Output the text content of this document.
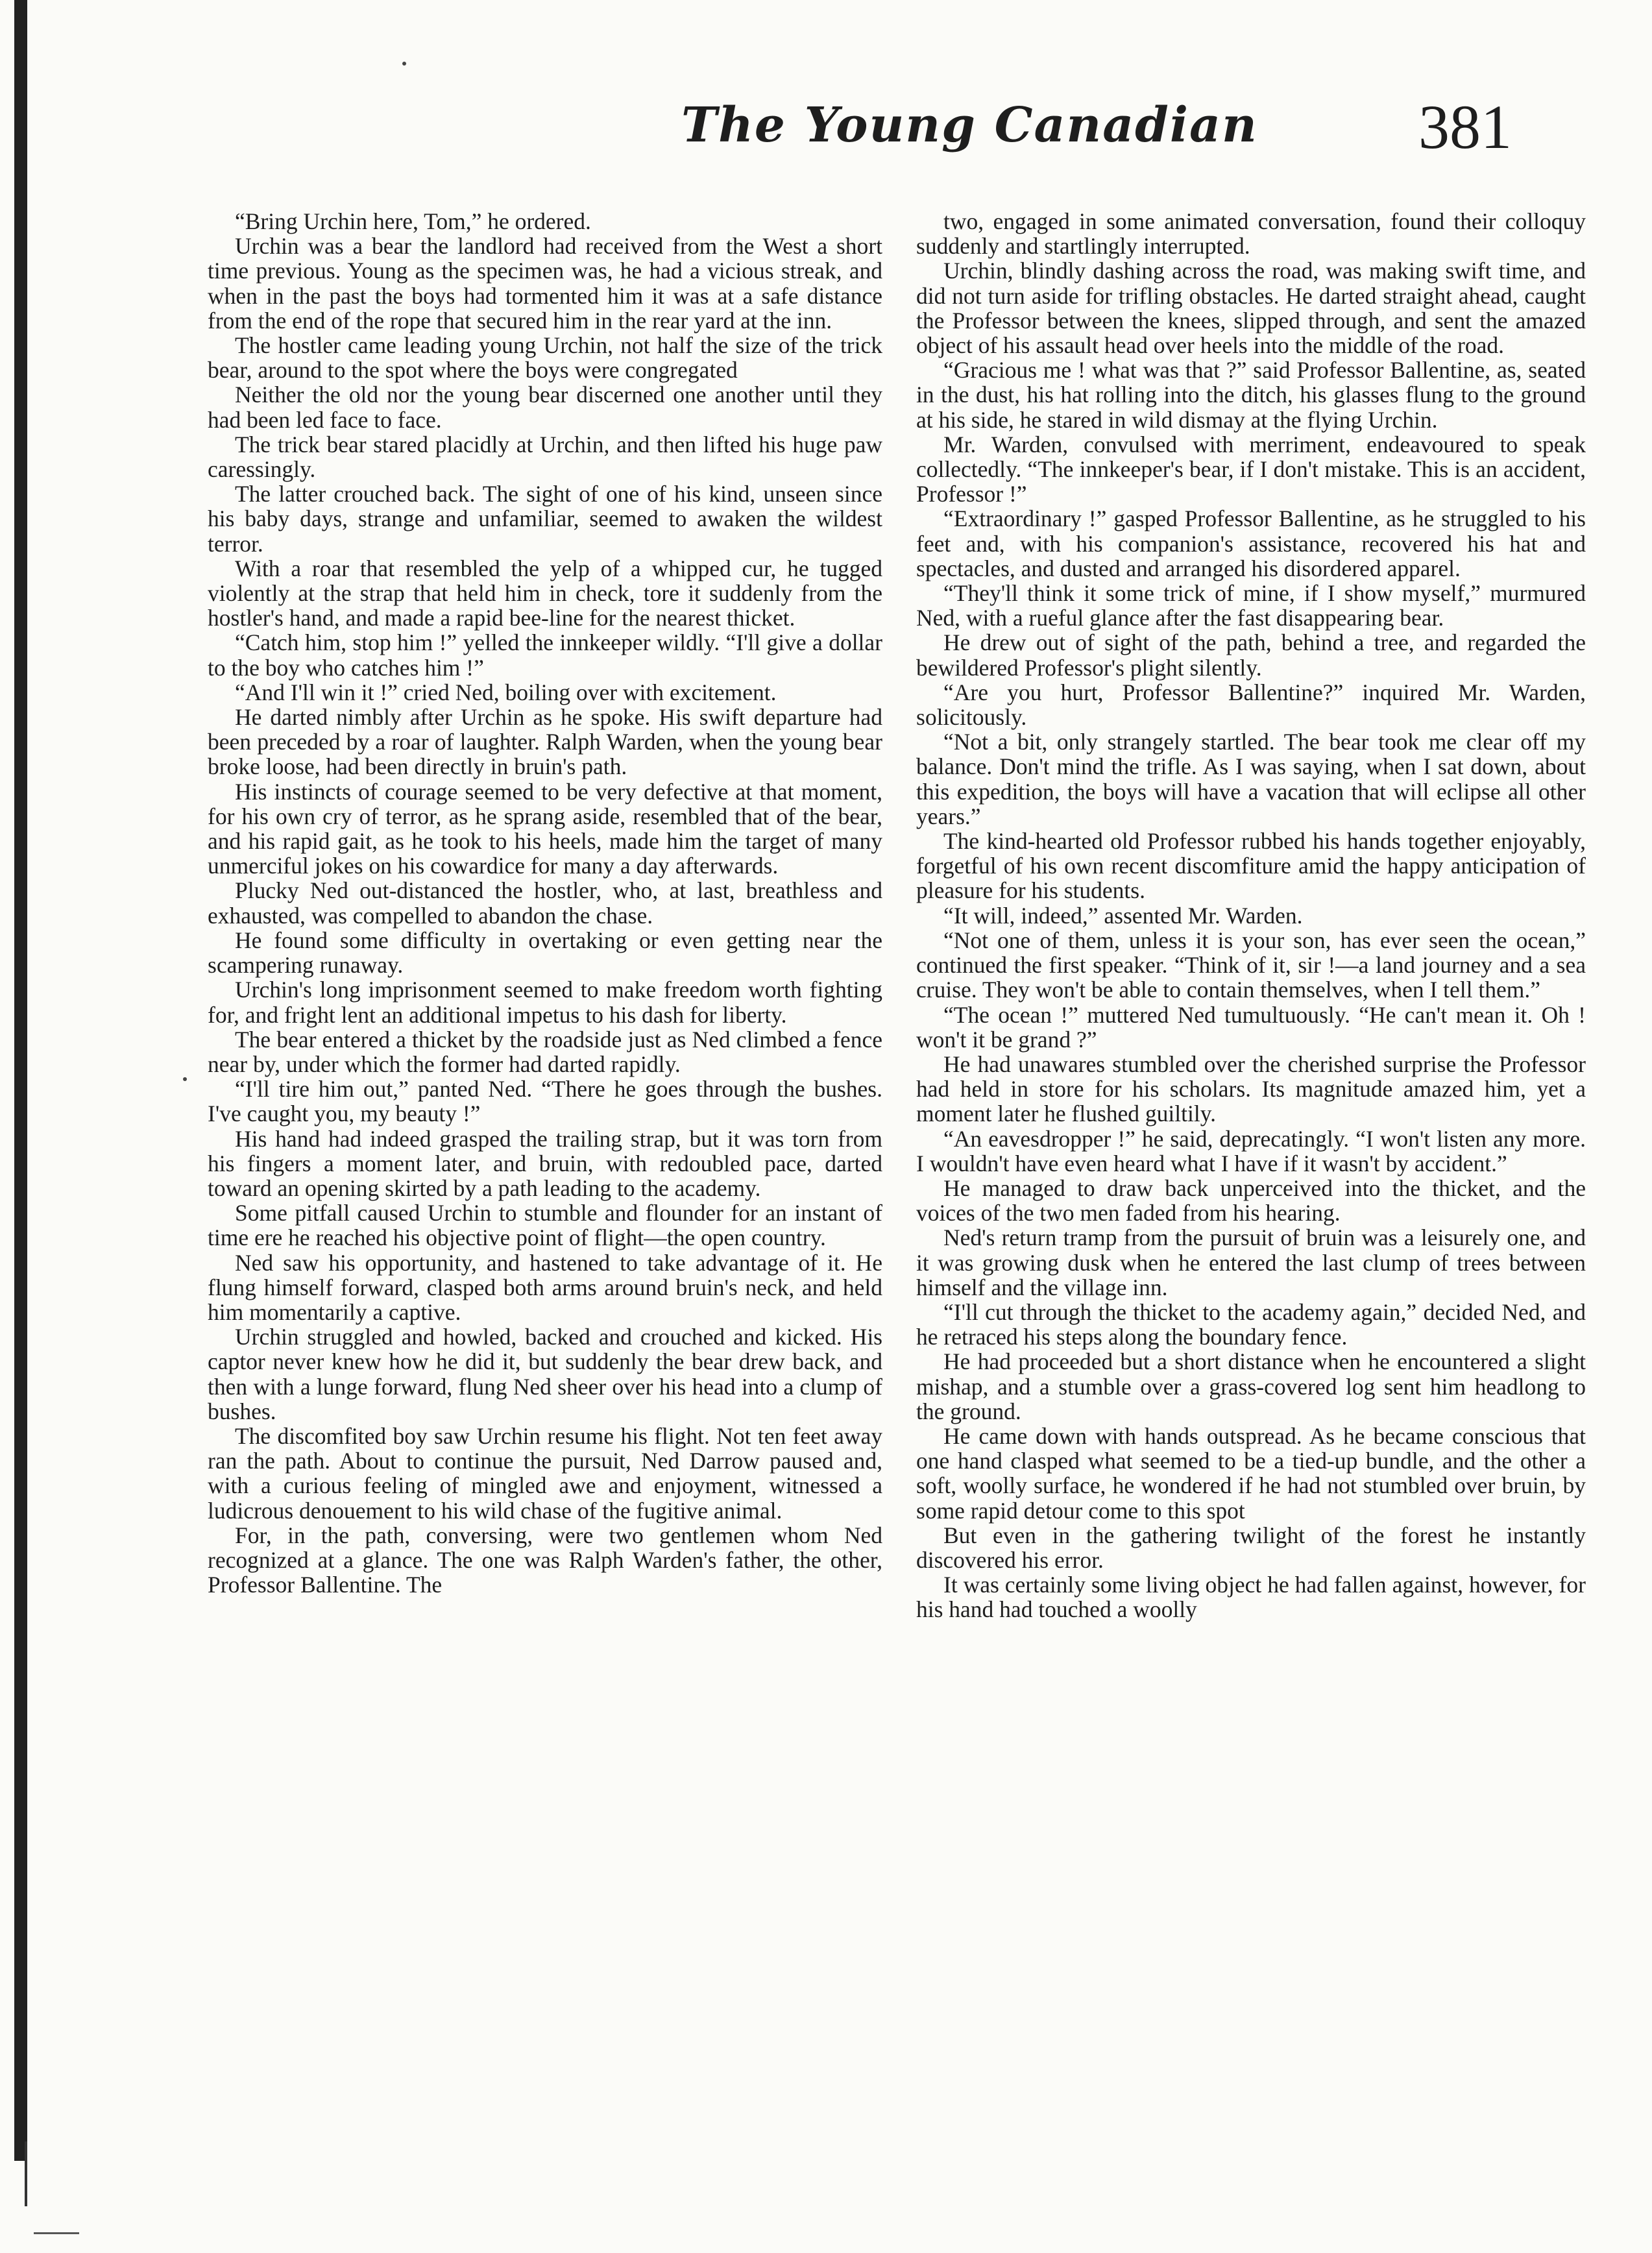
The Young Canadian	381

“Bring Urchin here, Tom,” he ordered.

Urchin was a bear the landlord had received from the West a short time previous. Young as the specimen was, he had a vicious streak, and when in the past the boys had tormented him it was at a safe distance from the end of the rope that secured him in the rear yard at the inn.

The hostler came leading young Urchin, not half the size of the trick bear, around to the spot where the boys were congregated

Neither the old nor the young bear discerned one another until they had been led face to face.

The trick bear stared placidly at Urchin, and then lifted his huge paw caressingly.

The latter crouched back. The sight of one of his kind, unseen since his baby days, strange and unfamiliar, seemed to awaken the wildest terror.

With a roar that resembled the yelp of a whipped cur, he tugged violently at the strap that held him in check, tore it suddenly from the hostler's hand, and made a rapid bee-line for the nearest thicket.

“Catch him, stop him !” yelled the innkeeper wildly. “I'll give a dollar to the boy who catches him !”

“And I'll win it !” cried Ned, boiling over with excitement.

He darted nimbly after Urchin as he spoke. His swift departure had been preceded by a roar of laughter. Ralph Warden, when the young bear broke loose, had been directly in bruin's path.

His instincts of courage seemed to be very defective at that moment, for his own cry of terror, as he sprang aside, resembled that of the bear, and his rapid gait, as he took to his heels, made him the target of many unmerciful jokes on his cowardice for many a day afterwards.

Plucky Ned out-distanced the hostler, who, at last, breathless and exhausted, was compelled to abandon the chase.

He found some difficulty in overtaking or even getting near the scampering runaway.

Urchin's long imprisonment seemed to make freedom worth fighting for, and fright lent an additional impetus to his dash for liberty.

The bear entered a thicket by the roadside just as Ned climbed a fence near by, under which the former had darted rapidly.

“I'll tire him out,” panted Ned. “There he goes through the bushes. I've caught you, my beauty !”

His hand had indeed grasped the trailing strap, but it was torn from his fingers a moment later, and bruin, with redoubled pace, darted toward an opening skirted by a path leading to the academy.

Some pitfall caused Urchin to stumble and flounder for an instant of time ere he reached his objective point of flight—the open country.

Ned saw his opportunity, and hastened to take advantage of it. He flung himself forward, clasped both arms around bruin's neck, and held him momentarily a captive.

Urchin struggled and howled, backed and crouched and kicked. His captor never knew how he did it, but suddenly the bear drew back, and then with a lunge forward, flung Ned sheer over his head into a clump of bushes.

The discomfited boy saw Urchin resume his flight. Not ten feet away ran the path. About to continue the pursuit, Ned Darrow paused and, with a curious feeling of mingled awe and enjoyment, witnessed a ludicrous denouement to his wild chase of the fugitive animal.

For, in the path, conversing, were two gentlemen whom Ned recognized at a glance. The one was Ralph Warden's father, the other, Professor Ballentine. The

two, engaged in some animated conversation, found their colloquy suddenly and startlingly interrupted.

Urchin, blindly dashing across the road, was making swift time, and did not turn aside for trifling obstacles. He darted straight ahead, caught the Professor between the knees, slipped through, and sent the amazed object of his assault head over heels into the middle of the road.

“Gracious me ! what was that ?” said Professor Ballentine, as, seated in the dust, his hat rolling into the ditch, his glasses flung to the ground at his side, he stared in wild dismay at the flying Urchin.

Mr. Warden, convulsed with merriment, endeavoured to speak collectedly. “The innkeeper's bear, if I don't mistake. This is an accident, Professor !”

“Extraordinary !” gasped Professor Ballentine, as he struggled to his feet and, with his companion's assistance, recovered his hat and spectacles, and dusted and arranged his disordered apparel.

“They'll think it some trick of mine, if I show myself,” murmured Ned, with a rueful glance after the fast disappearing bear.

He drew out of sight of the path, behind a tree, and regarded the bewildered Professor's plight silently.

“Are you hurt, Professor Ballentine?” inquired Mr. Warden, solicitously.

“Not a bit, only strangely startled. The bear took me clear off my balance. Don't mind the trifle. As I was saying, when I sat down, about this expedition, the boys will have a vacation that will eclipse all other years.”

The kind-hearted old Professor rubbed his hands together enjoyably, forgetful of his own recent discomfiture amid the happy anticipation of pleasure for his students.

“It will, indeed,” assented Mr. Warden.

“Not one of them, unless it is your son, has ever seen the ocean,” continued the first speaker. “Think of it, sir !—a land journey and a sea cruise. They won't be able to contain themselves, when I tell them.”

“The ocean !” muttered Ned tumultuously. “He can't mean it. Oh ! won't it be grand ?”

He had unawares stumbled over the cherished surprise the Professor had held in store for his scholars. Its magnitude amazed him, yet a moment later he flushed guiltily.

“An eavesdropper !” he said, deprecatingly. “I won't listen any more. I wouldn't have even heard what I have if it wasn't by accident.”

He managed to draw back unperceived into the thicket, and the voices of the two men faded from his hearing.

Ned's return tramp from the pursuit of bruin was a leisurely one, and it was growing dusk when he entered the last clump of trees between himself and the village inn.

“I'll cut through the thicket to the academy again,” decided Ned, and he retraced his steps along the boundary fence.

He had proceeded but a short distance when he encountered a slight mishap, and a stumble over a grass-covered log sent him headlong to the ground.

He came down with hands outspread. As he became conscious that one hand clasped what seemed to be a tied-up bundle, and the other a soft, woolly surface, he wondered if he had not stumbled over bruin, by some rapid detour come to this spot

But even in the gathering twilight of the forest he instantly discovered his error.

It was certainly some living object he had fallen against, however, for his hand had touched a woolly
